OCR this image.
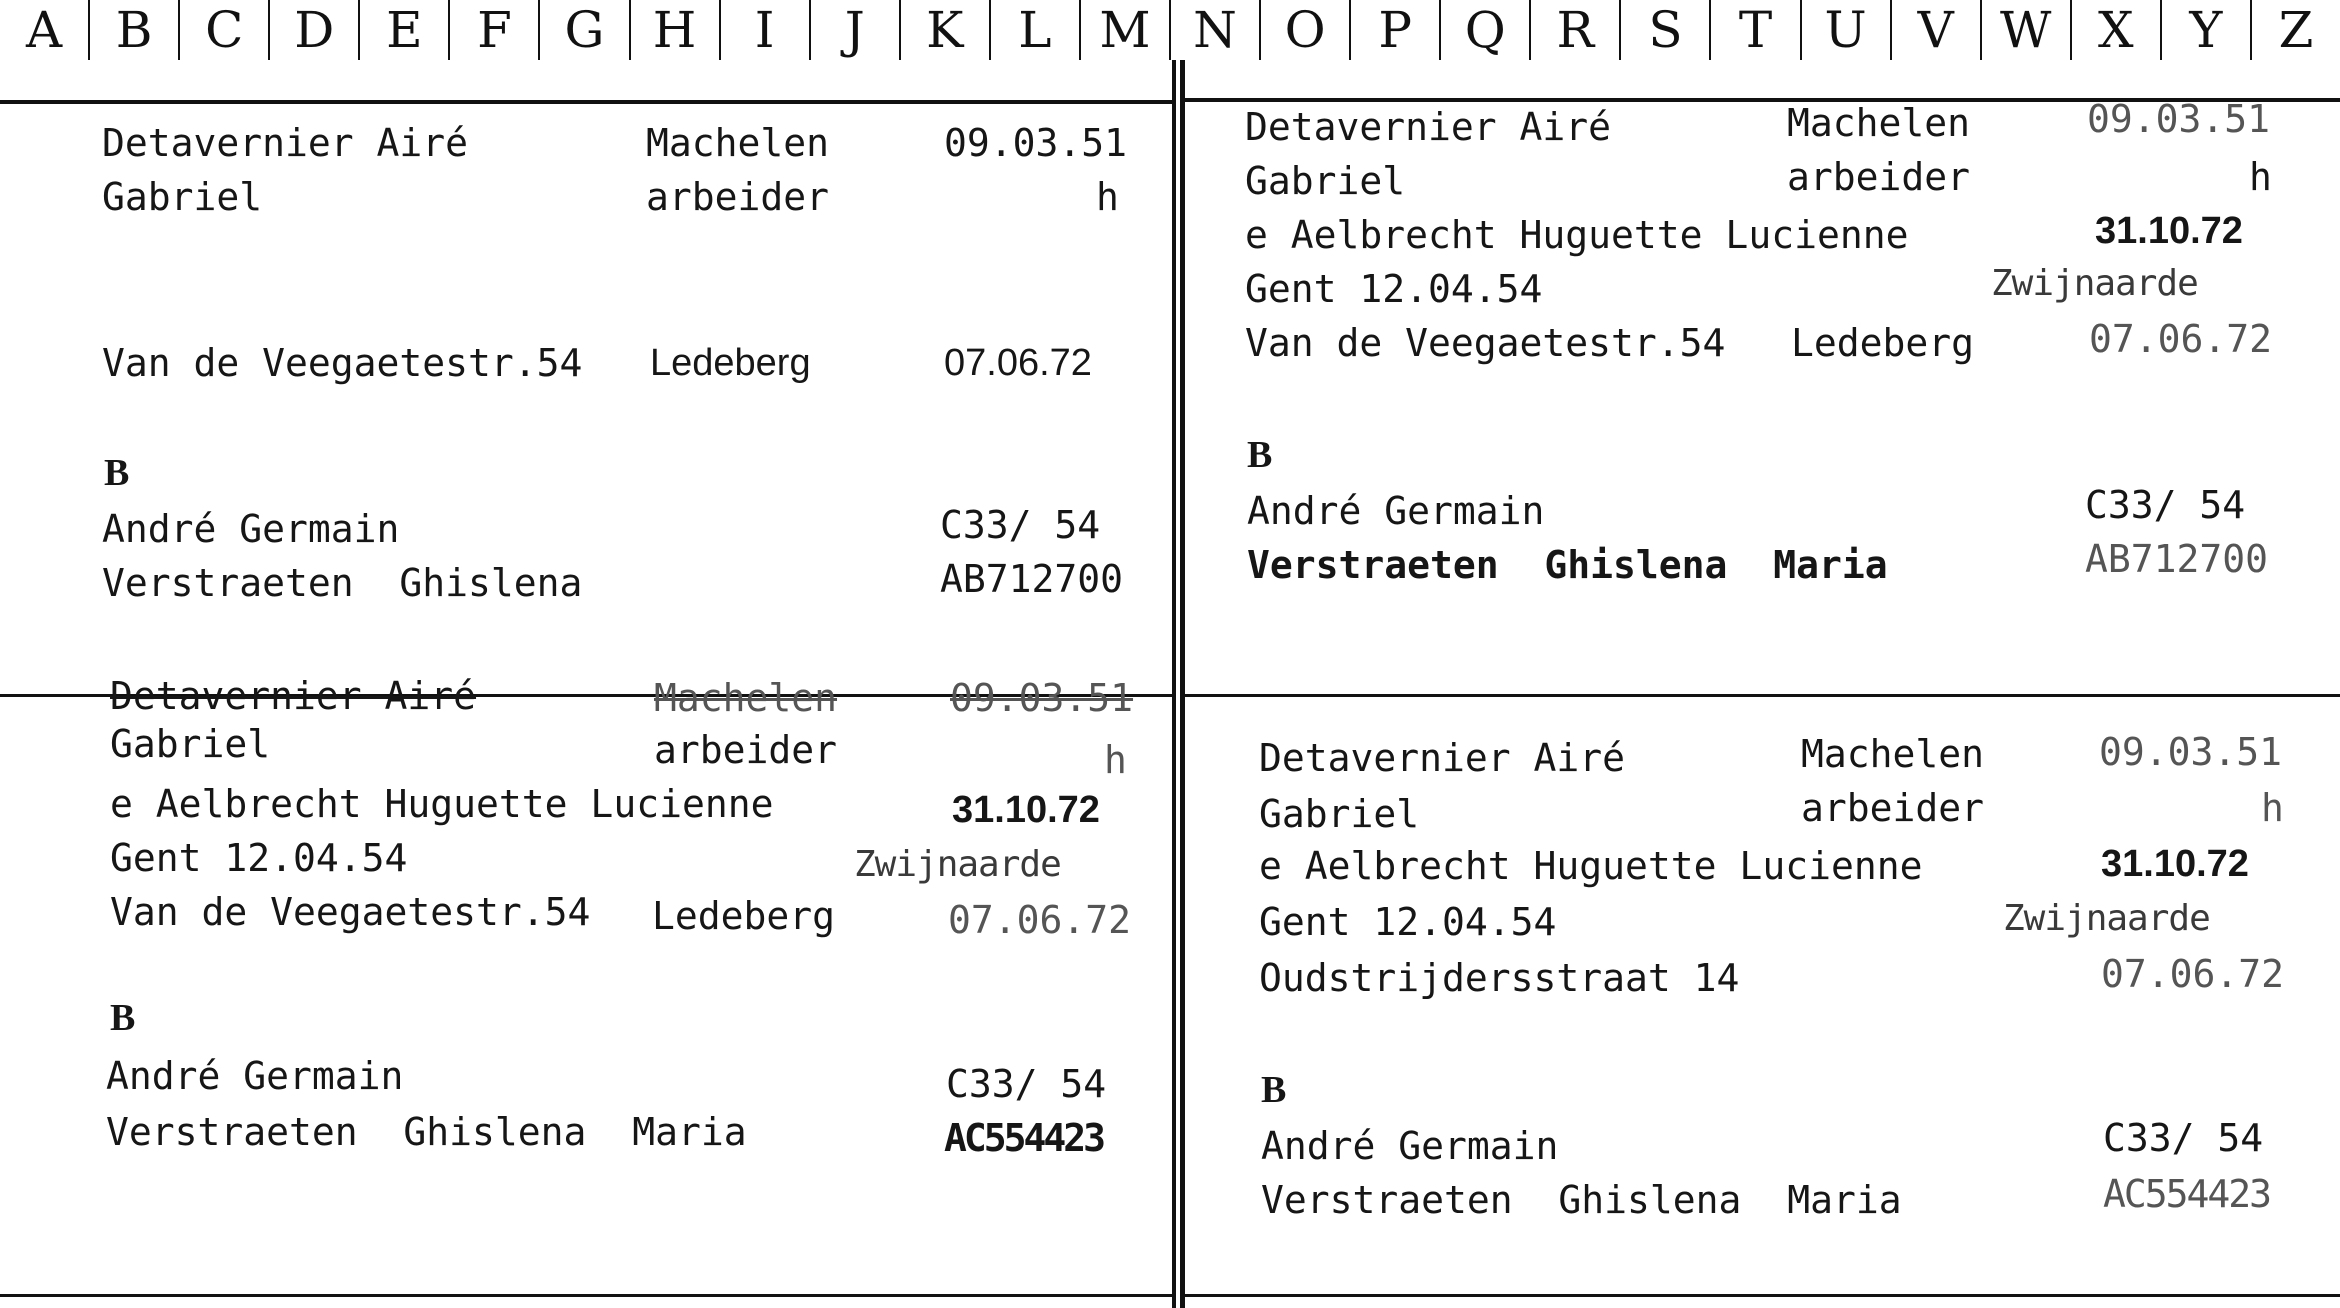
A	B	C	D	E	F	G H	I	J	K	L M N O	P	Q	R	S	T	U	V W X	Y	Z
Detavernier Airé	Machelen	09.03.51
Gabriel	arbeider	h
Van de Veegaetestr.54 Ledeberg	07.06.72
B
André Germain	C33/ 54
Verstraeten  Ghislena	AB712700
Detavernier Airé	Machelen	09.03.51
Gabriel	arbeider	h
e Aelbrecht Huguette Lucienne	31.10.72
Gent 12.04.54	Zwijnaarde
Van de Veegaetestr.54 Ledeberg	07.06.72
B
André Germain	C33/ 54
Verstraeten  Ghislena  Maria	AB712700
Detavernier Airé	Machelen	09.03.51
Gabriel	arbeider	h
e Aelbrecht Huguette Lucienne	31.10.72
Gent 12.04.54	Zwijnaarde
Van de Veegaetestr.54 Ledeberg	07.06.72
B
André Germain	C33/ 54
Verstraeten  Ghislena  Maria	AC554423
Detavernier Airé	Machelen	09.03.51
Gabriel	arbeider	h
e Aelbrecht Huguette Lucienne	31.10.72
Gent 12.04.54	Zwijnaarde
Oudstrijdersstraat 14	07.06.72
B
André Germain	C33/ 54
Verstraeten  Ghislena  Maria	AC554423
